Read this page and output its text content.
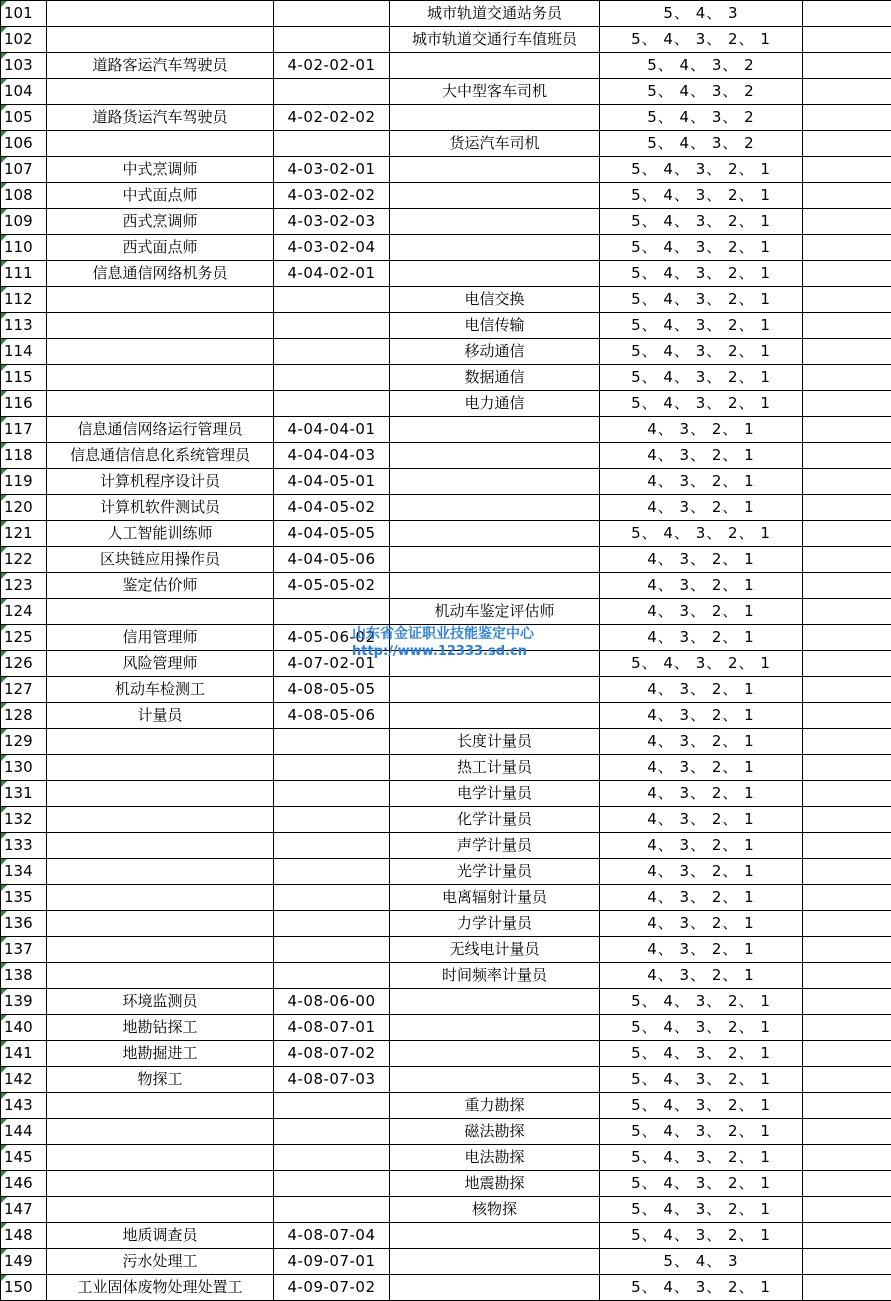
101			城市轨道交通站务员	5、 4、 3	
102			城市轨道交通行车值班员	5、 4、 3、 2、 1	
103	道路客运汽车驾驶员	4-02-02-01		5、 4、 3、 2	
104			大中型客车司机	5、 4、 3、 2	
105	道路货运汽车驾驶员	4-02-02-02		5、 4、 3、 2	
106			货运汽车司机	5、 4、 3、 2	
107	中式烹调师	4-03-02-01		5、 4、 3、 2、 1	
108	中式面点师	4-03-02-02		5、 4、 3、 2、 1	
109	西式烹调师	4-03-02-03		5、 4、 3、 2、 1	
110	西式面点师	4-03-02-04		5、 4、 3、 2、 1	
111	信息通信网络机务员	4-04-02-01		5、 4、 3、 2、 1	
112			电信交换	5、 4、 3、 2、 1	
113			电信传输	5、 4、 3、 2、 1	
114			移动通信	5、 4、 3、 2、 1	
115			数据通信	5、 4、 3、 2、 1	
116			电力通信	5、 4、 3、 2、 1	
117	信息通信网络运行管理员	4-04-04-01		4、 3、 2、 1	
118	信息通信信息化系统管理员	4-04-04-03		4、 3、 2、 1	
119	计算机程序设计员	4-04-05-01		4、 3、 2、 1	
120	计算机软件测试员	4-04-05-02		4、 3、 2、 1	
121	人工智能训练师	4-04-05-05		5、 4、 3、 2、 1	
122	区块链应用操作员	4-04-05-06		4、 3、 2、 1	
123	鉴定估价师	4-05-05-02		4、 3、 2、 1	
124			机动车鉴定评估师	4、 3、 2、 1	
125	信用管理师	4-05-06-02		4、 3、 2、 1	
126	风险管理师	4-07-02-01		5、 4、 3、 2、 1	
127	机动车检测工	4-08-05-05		4、 3、 2、 1	
128	计量员	4-08-05-06		4、 3、 2、 1	
129			长度计量员	4、 3、 2、 1	
130			热工计量员	4、 3、 2、 1	
131			电学计量员	4、 3、 2、 1	
132			化学计量员	4、 3、 2、 1	
133			声学计量员	4、 3、 2、 1	
134			光学计量员	4、 3、 2、 1	
135			电离辐射计量员	4、 3、 2、 1	
136			力学计量员	4、 3、 2、 1	
137			无线电计量员	4、 3、 2、 1	
138			时间频率计量员	4、 3、 2、 1	
139	环境监测员	4-08-06-00		5、 4、 3、 2、 1	
140	地勘钻探工	4-08-07-01		5、 4、 3、 2、 1	
141	地勘掘进工	4-08-07-02		5、 4、 3、 2、 1	
142	物探工	4-08-07-03		5、 4、 3、 2、 1	
143			重力勘探	5、 4、 3、 2、 1	
144			磁法勘探	5、 4、 3、 2、 1	
145			电法勘探	5、 4、 3、 2、 1	
146			地震勘探	5、 4、 3、 2、 1	
147			核物探	5、 4、 3、 2、 1	
148	地质调查员	4-08-07-04		5、 4、 3、 2、 1	
149	污水处理工	4-09-07-01		5、 4、 3	
150	工业固体废物处理处置工	4-09-07-02		5、 4、 3、 2、 1	
山东省金证职业技能鉴定中心
http://www.12333.sd.cn
